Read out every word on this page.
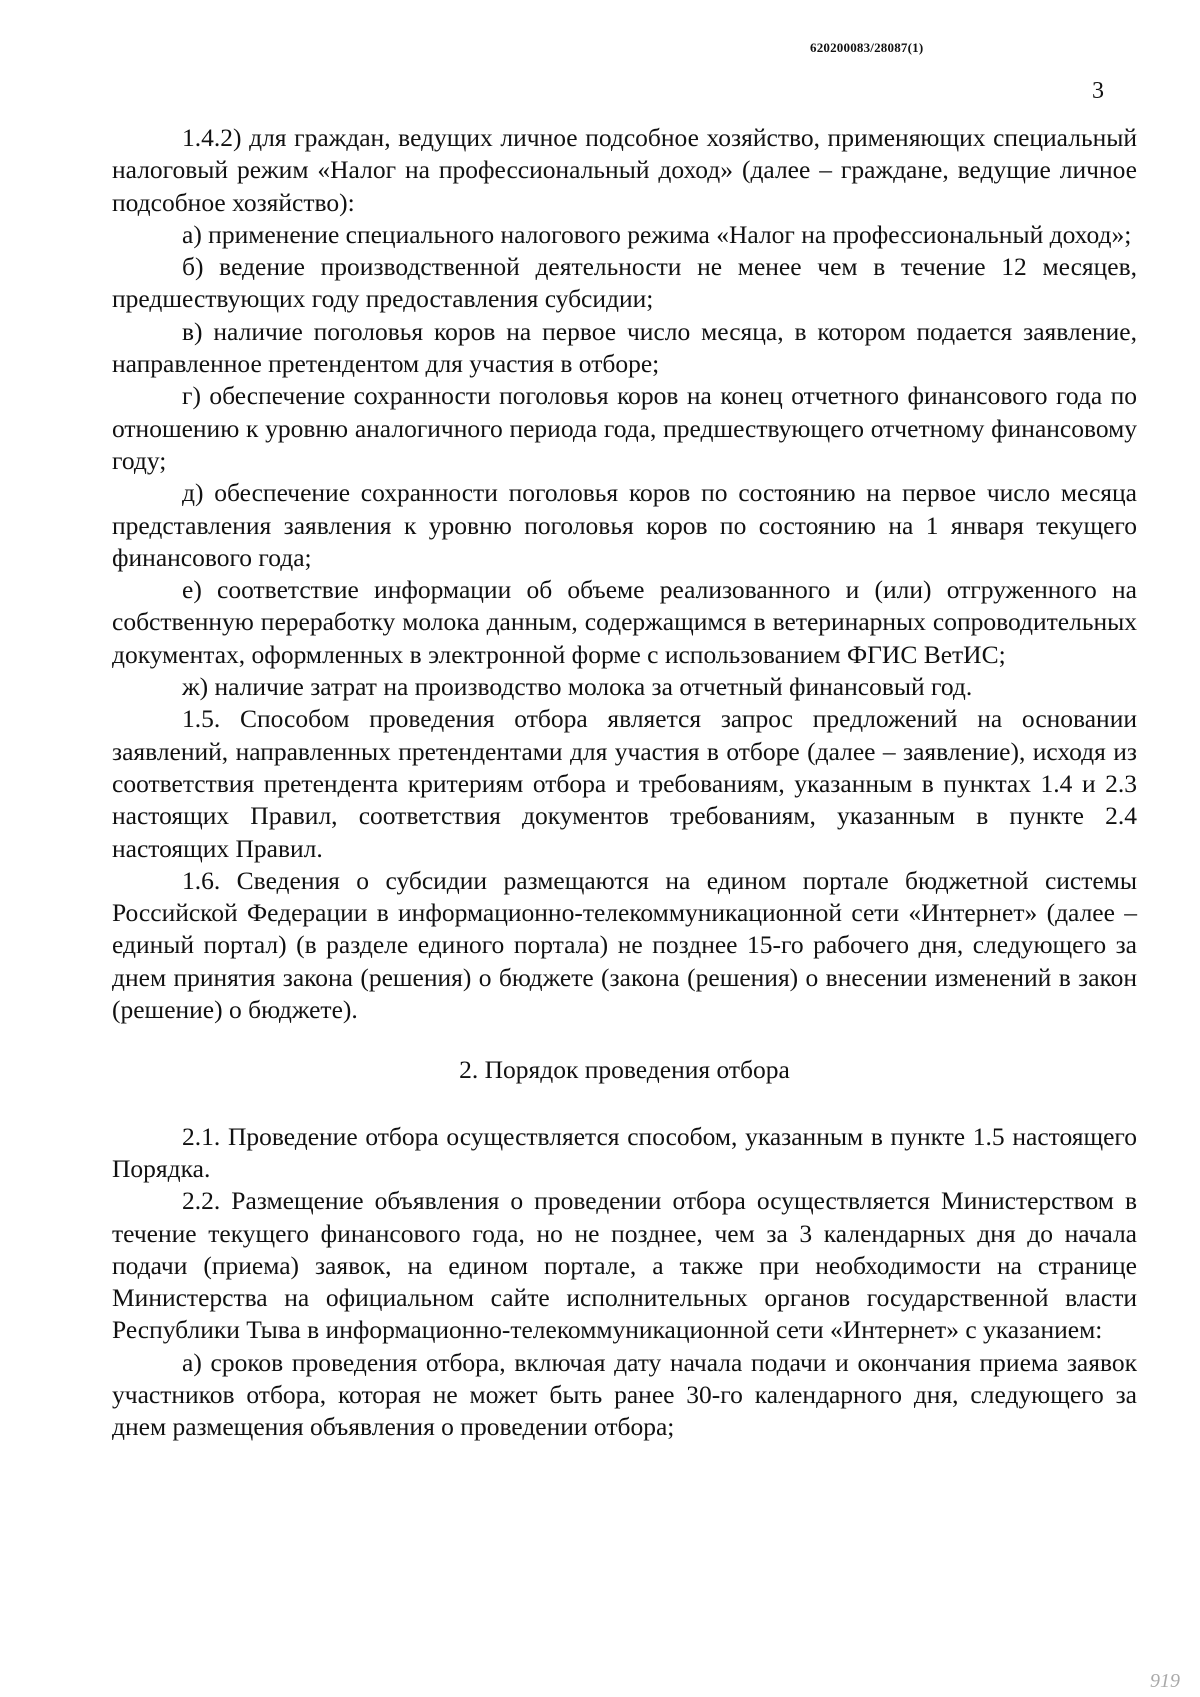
620200083/28087(1)
3

1.4.2) для граждан, ведущих личное подсобное хозяйство, применяющих специальный налоговый режим «Налог на профессиональный доход» (далее – граждане, ведущие личное подсобное хозяйство):

а) применение специального налогового режима «Налог на профессиональный доход»;

б) ведение производственной деятельности не менее чем в течение 12 месяцев, предшествующих году предоставления субсидии;

в) наличие поголовья коров на первое число месяца, в котором подается заявление, направленное претендентом для участия в отборе;

г) обеспечение сохранности поголовья коров на конец отчетного финансового года по отношению к уровню аналогичного периода года, предшествующего отчетному финансовому году;

д) обеспечение сохранности поголовья коров по состоянию на первое число месяца представления заявления к уровню поголовья коров по состоянию на 1 января текущего финансового года;

е) соответствие информации об объеме реализованного и (или) отгруженного на собственную переработку молока данным, содержащимся в ветеринарных сопроводительных документах, оформленных в электронной форме с использованием ФГИС ВетИС;

ж) наличие затрат на производство молока за отчетный финансовый год.

1.5. Способом проведения отбора является запрос предложений на основании заявлений, направленных претендентами для участия в отборе (далее – заявление), исходя из соответствия претендента критериям отбора и требованиям, указанным в пунктах 1.4 и 2.3 настоящих Правил, соответствия документов требованиям, указанным в пункте 2.4 настоящих Правил.

1.6. Сведения о субсидии размещаются на едином портале бюджетной системы Российской Федерации в информационно-телекоммуникационной сети «Интернет» (далее – единый портал) (в разделе единого портала) не позднее 15-го рабочего дня, следующего за днем принятия закона (решения) о бюджете (закона (решения) о внесении изменений в закон (решение) о бюджете).

2. Порядок проведения отбора

2.1. Проведение отбора осуществляется способом, указанным в пункте 1.5 настоящего Порядка.

2.2. Размещение объявления о проведении отбора осуществляется Министерством в течение текущего финансового года, но не позднее, чем за 3 календарных дня до начала подачи (приема) заявок, на едином портале, а также при необходимости на странице Министерства на официальном сайте исполнительных органов государственной власти Республики Тыва в информационно-телекоммуникационной сети «Интернет» с указанием:

а) сроков проведения отбора, включая дату начала подачи и окончания приема заявок участников отбора, которая не может быть ранее 30-го календарного дня, следующего за днем размещения объявления о проведении отбора;

919
